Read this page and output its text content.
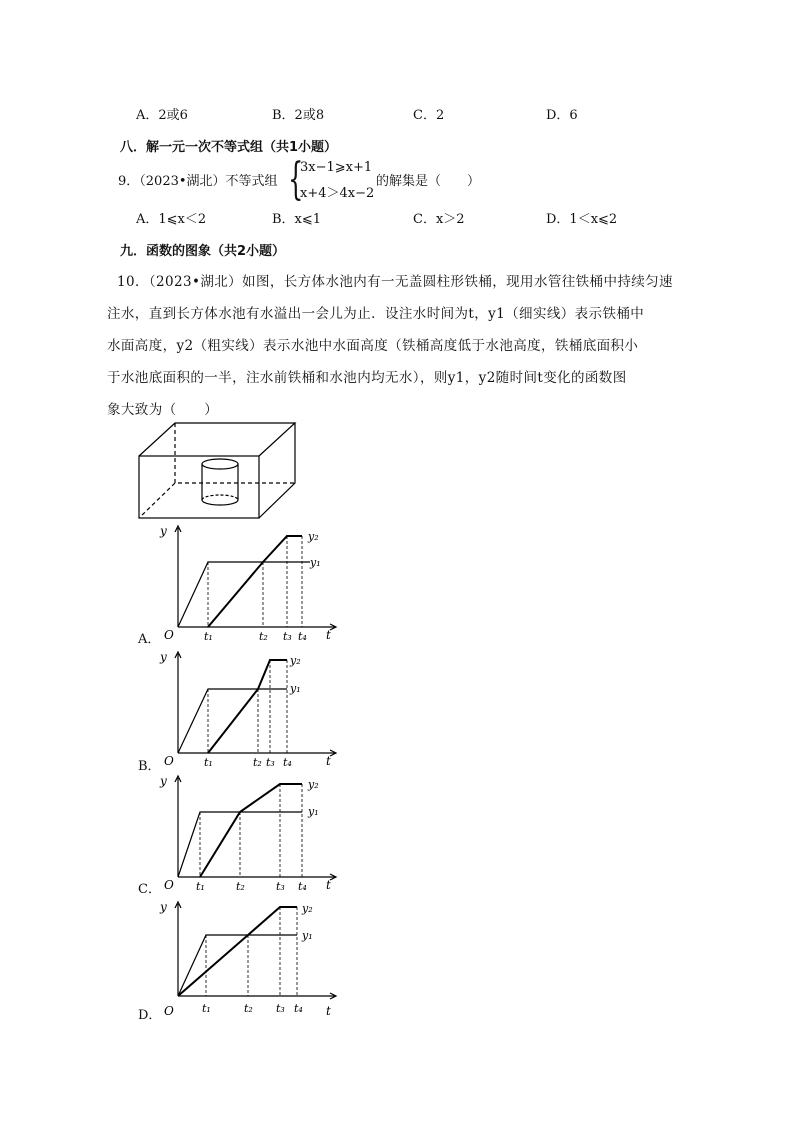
A．2或6	B．2或8	C．2	D．6
八．解一元一次不等式组（共1小题）
9．（2023•湖北）不等式组 {
3x−1⩾x+1
x+4＞4x−2
的解集是（　　）
A．1⩽x＜2	B．x⩽1	C．x＞2	D．1＜x⩽2
九．函数的图象（共2小题）
10．（2023•湖北）如图，长方体水池内有一无盖圆柱形铁桶，现用水管往铁桶中持续匀速
注水，直到长方体水池有水溢出一会儿为止．设注水时间为t，y1（细实线）表示铁桶中
水面高度，y2（粗实线）表示水池中水面高度（铁桶高度低于水池高度，铁桶底面积小
于水池底面积的一半，注水前铁桶和水池内均无水），则y1，y2随时间t变化的函数图
象大致为（　　）
A．
B．
C．
D．
y
O	t
y₂
y₁
t₁	t₂ t₃ t₄
y
O	t
y₂
y₁
t₁	t₂ t₃ t₄
y
O	t
y₂
y₁
t₁	t₂	t₃ t₄
y
O	t
y₂
y₁
t₁	t₂ t₃ t₄
